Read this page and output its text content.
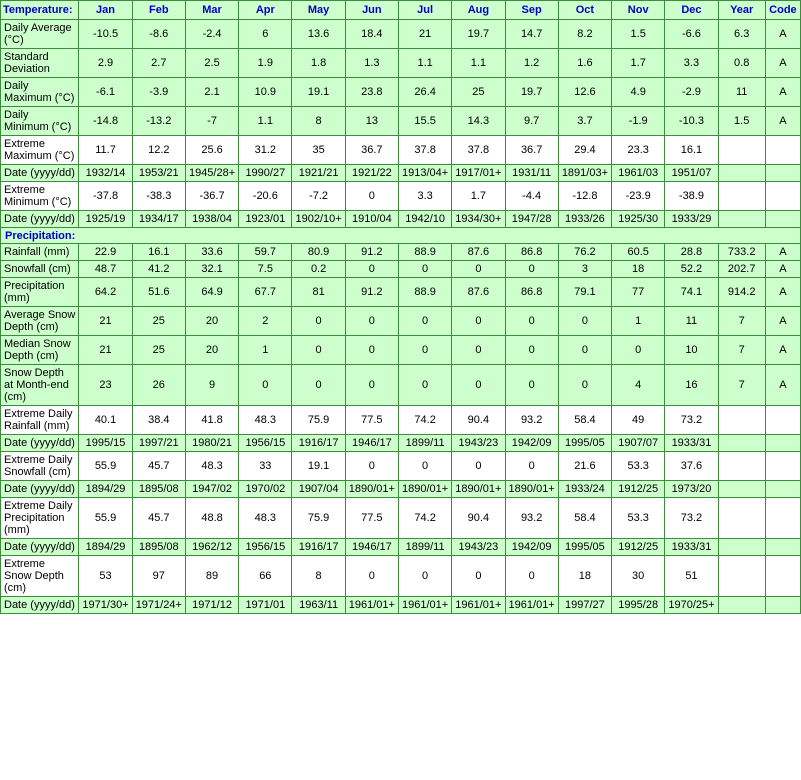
Temperature:	Jan	Feb	Mar	Apr	May	Jun	Jul	Aug	Sep	Oct	Nov	Dec	Year	Code
Daily Average (°C)	-10.5	-8.6	-2.4	6	13.6	18.4	21	19.7	14.7	8.2	1.5	-6.6	6.3	A
Standard Deviation	2.9	2.7	2.5	1.9	1.8	1.3	1.1	1.1	1.2	1.6	1.7	3.3	0.8	A
Daily Maximum (°C)	-6.1	-3.9	2.1	10.9	19.1	23.8	26.4	25	19.7	12.6	4.9	-2.9	11	A
Daily Minimum (°C)	-14.8	-13.2	-7	1.1	8	13	15.5	14.3	9.7	3.7	-1.9	-10.3	1.5	A
Extreme Maximum (°C)	11.7	12.2	25.6	31.2	35	36.7	37.8	37.8	36.7	29.4	23.3	16.1		
Date (yyyy/dd)	1932/14	1953/21	1945/28+	1990/27	1921/21	1921/22	1913/04+	1917/01+	1931/11	1891/03+	1961/03	1951/07		
Extreme Minimum (°C)	-37.8	-38.3	-36.7	-20.6	-7.2	0	3.3	1.7	-4.4	-12.8	-23.9	-38.9		
Date (yyyy/dd)	1925/19	1934/17	1938/04	1923/01	1902/10+	1910/04	1942/10	1934/30+	1947/28	1933/26	1925/30	1933/29		
Precipitation:														
Rainfall (mm)	22.9	16.1	33.6	59.7	80.9	91.2	88.9	87.6	86.8	76.2	60.5	28.8	733.2	A
Snowfall (cm)	48.7	41.2	32.1	7.5	0.2	0	0	0	0	3	18	52.2	202.7	A
Precipitation (mm)	64.2	51.6	64.9	67.7	81	91.2	88.9	87.6	86.8	79.1	77	74.1	914.2	A
Average Snow Depth (cm)	21	25	20	2	0	0	0	0	0	0	1	11	7	A
Median Snow Depth (cm)	21	25	20	1	0	0	0	0	0	0	0	10	7	A
Snow Depth at Month-end (cm)	23	26	9	0	0	0	0	0	0	0	4	16	7	A
Extreme Daily Rainfall (mm)	40.1	38.4	41.8	48.3	75.9	77.5	74.2	90.4	93.2	58.4	49	73.2		
Date (yyyy/dd)	1995/15	1997/21	1980/21	1956/15	1916/17	1946/17	1899/11	1943/23	1942/09	1995/05	1907/07	1933/31		
Extreme Daily Snowfall (cm)	55.9	45.7	48.3	33	19.1	0	0	0	0	21.6	53.3	37.6		
Date (yyyy/dd)	1894/29	1895/08	1947/02	1970/02	1907/04	1890/01+	1890/01+	1890/01+	1890/01+	1933/24	1912/25	1973/20		
Extreme Daily Precipitation (mm)	55.9	45.7	48.8	48.3	75.9	77.5	74.2	90.4	93.2	58.4	53.3	73.2		
Date (yyyy/dd)	1894/29	1895/08	1962/12	1956/15	1916/17	1946/17	1899/11	1943/23	1942/09	1995/05	1912/25	1933/31		
Extreme Snow Depth (cm)	53	97	89	66	8	0	0	0	0	18	30	51		
Date (yyyy/dd)	1971/30+	1971/24+	1971/12	1971/01	1963/11	1961/01+	1961/01+	1961/01+	1961/01+	1997/27	1995/28	1970/25+		
